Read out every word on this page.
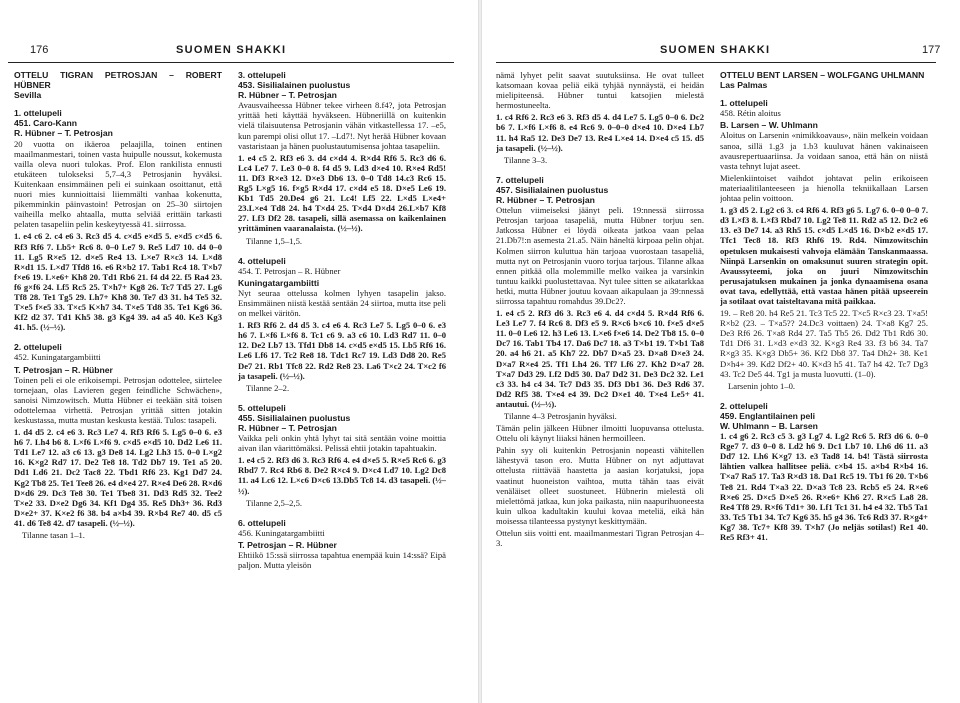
176	SUOMEN SHAKKI

OTTELU TIGRAN PETROSJAN – ROBERT HÜBNER

Sevilla

1. ottelupeli

451. Caro-Kann

R. Hübner – T. Petrosjan

20 vuotta on ikäeroa pelaajilla, toinen entinen maailmanmestari, toinen vasta huipulle noussut, kokemusta vailla oleva nuori tulokas. Prof. Elon rankilista ennusti etukäteen tulokseksi 5,7–4,3 Petrosjanin hyväksi. Kuitenkaan ensimmäinen peli ei suinkaan osoittanut, että nuori mies kunnioittaisi liiemmälti vanhaa kokenutta, pikemminkin päinvastoin! Petrosjan on 25–30 siirtojen vaiheilla melko ahtaalla, mutta selviää erittäin tarkasti pelaten tasapeliin pelin keskeytyessä 41. siirrossa.

1. e4 c6 2. c4 e6 3. Rc3 d5 4. c×d5 e×d5 5. e×d5 c×d5 6. Rf3 Rf6 7. Lb5+ Rc6 8. 0–0 Le7 9. Re5 Ld7 10. d4 0–0 11. Lg5 R×e5 12. d×e5 Re4 13. L×e7 R×c3 14. L×d8 R×d1 15. L×d7 Tfd8 16. e6 R×b2 17. Tab1 Rc4 18. T×b7 f×e6 19. L×e6+ Kh8 20. Td1 Rb6 21. f4 d4 22. f5 Ra4 23. f6 g×f6 24. Lf5 Rc5 25. T×h7+ Kg8 26. Tc7 Td5 27. Lg6 Tf8 28. Te1 Tg5 29. Lh7+ Kh8 30. Te7 d3 31. h4 Te5 32. T×e5 f×e5 33. T×c5 K×h7 34. T×e5 Td8 35. Te1 Kg6 36. Kf2 d2 37. Td1 Kh5 38. g3 Kg4 39. a4 a5 40. Ke3 Kg3 41. h5. (½–½).

2. ottelupeli

452. Kuningatargambiitti

T. Petrosjan – R. Hübner

Toinen peli ei ole erikoisempi. Petrosjan odottelee, siirtelee tornejaan, olas Lavieren gegen feindliche Schwächen», sanoisi Nimzowitsch. Mutta Hübner ei teekään sitä toisen odottelemaa virhettä. Petrosjan yrittää sitten jotakin keskustassa, mutta mustan keskusta kestää. Tulos: tasapeli.

1. d4 d5 2. c4 e6 3. Rc3 Le7 4. Rf3 Rf6 5. Lg5 0–0 6. e3 h6 7. Lh4 b6 8. L×f6 L×f6 9. c×d5 e×d5 10. Dd2 Le6 11. Td1 Le7 12. a3 c6 13. g3 De8 14. Lg2 Lh3 15. 0–0 L×g2 16. K×g2 Rd7 17. De2 Te8 18. Td2 Db7 19. Te1 a5 20. Dd1 Ld6 21. Dc2 Tac8 22. Tbd1 Rf6 23. Kg1 Dd7 24. Kg2 Tb8 25. Te1 Tee8 26. e4 d×e4 27. R×e4 De6 28. R×d6 D×d6 29. Dc3 Te8 30. Te1 Tbe8 31. Dd3 Rd5 32. Tee2 T×e2 33. D×e2 Dg6 34. Kf1 Dg4 35. Re5 Dh3+ 36. Rd3 D×e2+ 37. K×e2 f6 38. b4 a×b4 39. R×b4 Re7 40. d5 c5 41. d6 Te8 42. d7 tasapeli. (½–½).

Tilanne tasan 1–1.

3. ottelupeli

453. Sisilialainen puolustus

R. Hübner – T. Petrosjan

Avausvaiheessa Hübner tekee virheen 8.f4?, jota Petrosjan yrittää heti käyttää hyväkseen. Hübneriillä on kuitenkin vielä tilaisuutensa Petrosjanin vähän vitkastellessa 17. –e5, kun parempi olisi ollut 17. –Ld7!. Nyt herää Hübner kovaan vastaristaan ja hänen puolustautumisensa johtaa tasapeliin.

1. e4 c5 2. Rf3 e6 3. d4 c×d4 4. R×d4 Rf6 5. Rc3 d6 6. Lc4 Le7 7. Le3 0–0 8. f4 d5 9. Ld3 d×e4 10. R×e4 Rd5! 11. Df3 R×e3 12. D×e3 Db6 13. 0–0 Td8 14.c3 Rc6 15. Rg5 L×g5 16. f×g5 R×d4 17. c×d4 e5 18. D×e5 Le6 19. Kb1 Td5 20.De4 g6 21. Lc4! Lf5 22. L×d5 L×e4+ 23.L×e4 Td8 24. h4 T×d4 25. T×d4 D×d4 26.L×b7 Kf8 27. Lf3 Df2 28. tasapeli, sillä asemassa on kaikenlainen yrittäminen vaaranalaista. (½–½).

Tilanne 1,5–1,5.

4. ottelupeli

454. T. Petrosjan – R. Hübner

Kuningatargambiitti

Nyt seuraa ottelussa kolmen lyhyen tasapelin jakso. Ensimmäinen niistä kestää sentään 24 siirtoa, mutta itse peli on melkei väritön.

1. Rf3 Rf6 2. d4 d5 3. c4 e6 4. Rc3 Le7 5. Lg5 0–0 6. e3 h6 7. L×f6 L×f6 8. Tc1 c6 9. a3 c6 10. Ld3 Rd7 11. 0–0 12. De2 Lb7 13. Tfd1 Db8 14. c×d5 e×d5 15. Lb5 Rf6 16. Le6 Lf6 17. Tc2 Re8 18. Tdc1 Rc7 19. Ld3 Dd8 20. Re5 De7 21. Rb1 Tfc8 22. Rd2 Re8 23. La6 T×c2 24. T×c2 f6 ja tasapeli. (½–½).

Tilanne 2–2.

5. ottelupeli

455. Sisilialainen puolustus

R. Hübner – T. Petrosjan

Vaikka peli onkin yhtä lyhyt tai sitä sentään voine moittia aivan ilan väarittömäksi. Pelissä ehtii jotakin tapahtuakin.

1. e4 c5 2. Rf3 d6 3. Rc3 Rf6 4. e4 d×e5 5. R×e5 Rc6 6. g3 Rbd7 7. Rc4 Rb6 8. De2 R×c4 9. D×c4 Ld7 10. Lg2 Dc8 11. a4 Lc6 12. L×c6 D×c6 13.Db5 Tc8 14. d3 tasapeli. (½–½).

Tilanne 2,5–2,5.

6. ottelupeli

456. Kuningatargambiitti

T. Petrosjan – R. Hübner

Ehtiikö 15:ssä siirrossa tapahtua enempää kuin 14:ssä? Eipä paljon. Mutta yleisön

SUOMEN SHAKKI	177

nämä lyhyet pelit saavat suutuksiinsa. He ovat tulleet katsomaan kovaa peliä eikä tyhjää nynnäystä, ei heidän mielipiteensä. Hübner tuntui katsojien mielestä hermostuneelta.

1. c4 Rf6 2. Rc3 e6 3. Rf3 d5 4. d4 Le7 5. Lg5 0–0 6. Dc2 b6 7. L×f6 L×f6 8. e4 Rc6 9. 0–0–0 d×e4 10. D×e4 Lb7 11. h4 Ra5 12. De3 De7 13. Re4 L×e4 14. D×e4 c5 15. d5 ja tasapeli. (½–½).

Tilanne 3–3.

7. ottelupeli

457. Sisilialainen puolustus

R. Hübner – T. Petrosjan

Ottelun viimeiseksi jäänyt peli. 19:nnessä siirrossa Petrosjan tarjoaa tasapeliä, mutta Hübner torjuu sen. Jatkossa Hübner ei löydä oikeata jatkoa vaan pelaa 21.Db7!:n asemesta 21.a5. Näin häneltä kirpoaa pelin ohjat. Kolmen siirron kuluttua hän tarjoaa vuorostaan tasapeliä, mutta nyt on Petrosjanin vuoro torjua tarjous. Tilanne alkaa ennen pitkää olla molemmille melko vaikea ja varsinkin tuntuu kaikki puolustettavaa. Nyt tulee sitten se aikatarkkaa hetki, mutta Hübner joutuu kovaan aikapulaan ja 39:nnessä siirrossa tapahtuu romahdus 39.Dc2?.

1. e4 c5 2. Rf3 d6 3. Rc3 e6 4. d4 c×d4 5. R×d4 Rf6 6. Le3 Le7 7. f4 Rc6 8. Df3 e5 9. R×c6 b×c6 10. f×e5 d×e5 11. 0–0 Le6 12. h3 Le6 13. L×e6 f×e6 14. De2 Tb8 15. 0–0 Dc7 16. Tab1 Tb4 17. Da6 Dc7 18. a3 T×b1 19. T×b1 Ta8 20. a4 h6 21. a5 Kh7 22. Db7 D×a5 23. D×a8 D×e3 24. D×a7 R×e4 25. Tf1 Lh4 26. Tf7 Lf6 27. Kh2 D×a7 28. T×a7 Dd3 29. Lf2 Dd5 30. Da7 Dd2 31. De3 Dc2 32. Le1 c3 33. h4 c4 34. Tc7 Dd3 35. Df3 Db1 36. De3 Rd6 37. Dd2 Rf5 38. T×e4 e4 39. Dc2 D×e1 40. T×e4 Le5+ 41. antautui. (½–½).

Tilanne 4–3 Petrosjanin hyväksi.

Tämän pelin jälkeen Hübner ilmoitti luopuvansa ottelusta. Ottelu oli käynyt liiaksi hänen hermoilleen.

Pahin syy oli kuitenkin Petrosjanin nopeasti vähitellen lähestyvä tason ero. Mutta Hübner on nyt adjuttavat ottelusta riittävää haastetta ja aasian korjatuksi, jopa vaatinut huoneiston vaihtoa, mutta tähän taas eivät venäläiset olleet suostuneet. Hübnerin mielestä oli mielettömä jatkaa, kun joka paikasta, niin naapurihuoneesta kuin ulkoa kadultakin kuului kovaa meteliä, eikä hän moisessa tilanteessa pystynyt keskittymään.

Ottelun siis voitti ent. maailmanmestari Tigran Petrosjan 4–3.

OTTELU BENT LARSEN – WOLFGANG UHLMANN

Las Palmas

1. ottelupeli

458. Rétin aloitus

B. Larsen – W. Uhlmann

Aloitus on Larsenin «nimikkoavaus», näin melkein voidaan sanoa, sillä 1.g3 ja 1.b3 kuuluvat hänen vakinaiseen avausrepertuaariinsa. Ja voidaan sanoa, että hän on niistä vasta tehnyt lujat aseet.

Mielenkiintoiset vaihdot johtavat pelin erikoiseen materiaalitilanteeseen ja hienolla tekniikallaan Larsen johtaa pelin voittoon.

1. g3 d5 2. Lg2 c6 3. c4 Rf6 4. Rf3 g6 5. Lg7 6. 0–0 0–0 7. d3 L×f3 8. L×f3 Rbd7 10. Lg2 Te8 11. Rd2 a5 12. Dc2 e6 13. e3 De7 14. a3 Rh5 15. c×d5 L×d5 16. D×b2 e×d5 17. Tfc1 Tec8 18. Rf3 Rhf6 19. Rd4. Nimzowitschin opetuksen mukaisesti vahvoja elämään Tanskanmaassa. Niinpä Larsenkin on omaksunut suuren strategin opit. Avaussyteemi, joka on juuri Nimzowitschin perusajatuksen mukainen ja jonka dynaamisena osana ovat tava, edellyttää, että vastaa hänen pitää upseerein ja sotilaat ovat taisteltavana mitä paikkaa.

19. – Re8 20. h4 Re5 21. Tc3 Tc5 22. T×c5 R×c3 23. T×a5! R×b2 (23. – T×a5?? 24.Dc3 voittaen) 24. T×a8 Kg7 25. De3 Rf6 26. T×a8 Rd4 27. Ta5 Tb5 26. Dd2 Tb1 Rd6 30. Td1 Df6 31. L×d3 e×d3 32. K×g3 Re4 33. f3 b6 34. Ta7 R×g3 35. K×g3 Db5+ 36. Kf2 Db8 37. Ta4 Dh2+ 38. Ke1 D×h4+ 39. Kd2 Df2+ 40. K×d3 h5 41. Ta7 h4 42. Tc7 Dg3 43. Tc2 De5 44. Tg1 ja musta luovutti. (1–0).

Larsenin johto 1–0.

2. ottelupeli

459. Englantilainen peli

W. Uhlmann – B. Larsen

1. c4 g6 2. Rc3 c5 3. g3 Lg7 4. Lg2 Rc6 5. Rf3 d6 6. 0–0 Rge7 7. d3 0–0 8. Ld2 h6 9. Dc1 Lb7 10. Lh6 d6 11. a3 Dd7 12. Lh6 K×g7 13. e3 Tad8 14. b4! Tästä siirrosta lähtien valkea hallitsee peliä. c×b4 15. a×b4 R×b4 16. T×a7 Ra5 17. Ta3 R×d3 18. Da1 Rc5 19. Tb1 f6 20. T×b6 Te8 21. Rd4 T×a3 22. D×a3 Tc8 23. Rcb5 e5 24. R×e6 R×e6 25. D×c5 D×e5 26. R×e6+ Kh6 27. R×c5 La8 28. Re4 Tf8 29. R×f6 Td1+ 30. Lf1 Tc1 31. h4 e4 32. Tb5 Ta1 33. Tc5 Tb1 34. Tc7 Kg6 35. h5 g4 36. Tc6 Rd3 37. R×g4+ Kg7 38. Tc7+ Kf8 39. T×h7 (Jo neljäs sotilas!) Re1 40. Re5 Rf3+ 41.
